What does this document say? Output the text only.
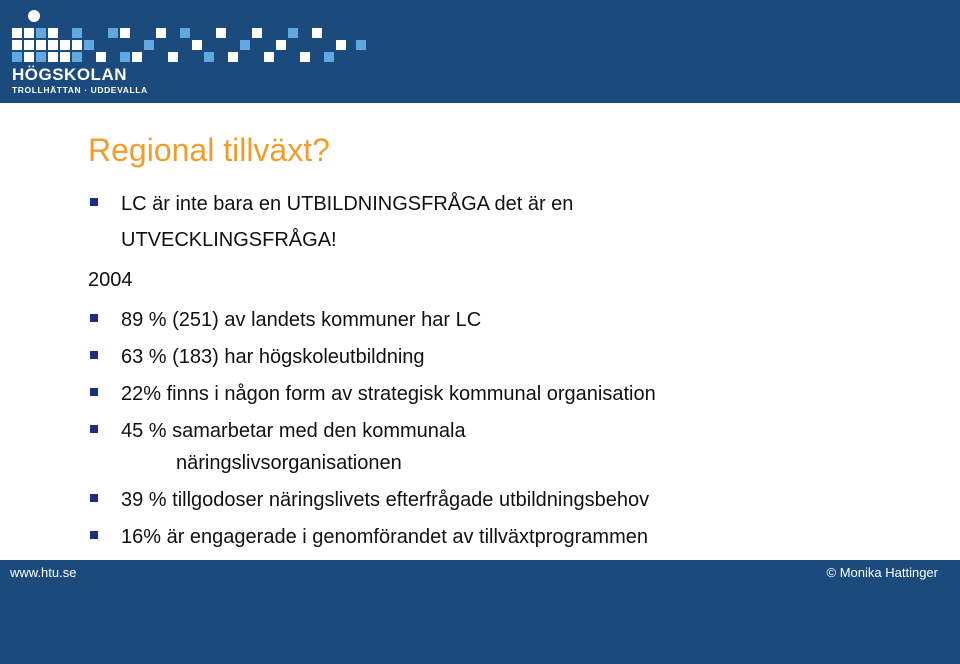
HÖGSKOLAN
TROLLHÄTTAN · UDDEVALLA
Regional tillväxt?
LC är inte bara en UTBILDNINGSFRÅGA det är en
UTVECKLINGSFRÅGA!
2004
89 % (251) av landets kommuner har LC
63 % (183) har högskoleutbildning
22% finns i någon form av strategisk kommunal organisation
45 % samarbetar med den kommunala
näringslivsorganisationen
39 % tillgodoser näringslivets efterfrågade utbildningsbehov
16% är engagerade i genomförandet av tillväxtprogrammen
www.htu.se	© Monika Hattinger
